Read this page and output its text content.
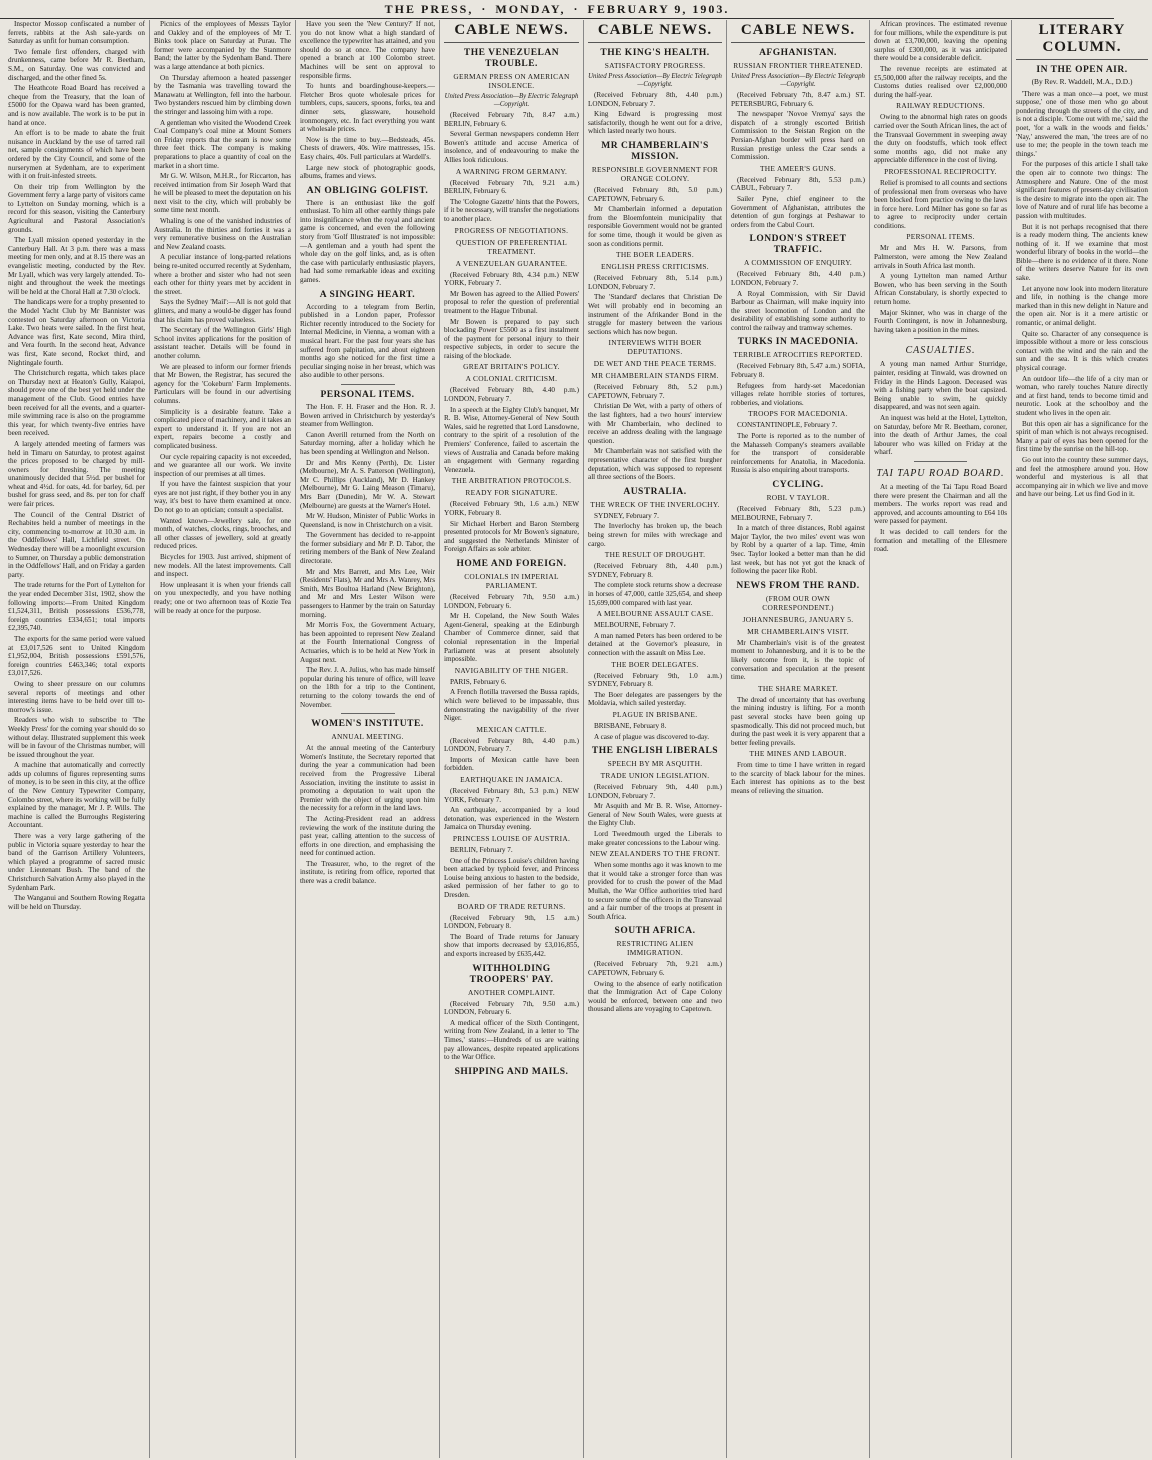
THE PRESS, · MONDAY, · FEBRUARY 9, 1903.

Inspector Mossop confiscated a number of ferrets, rabbits at the Ash sale-yards on Saturday as unfit for human consumption.

Two female first offenders, charged with drunkenness, came before Mr R. Beetham, S.M., on Saturday. One was convicted and discharged, and the other fined 5s.

The Heathcote Road Board has received a cheque from the Treasury, that the loan of £5000 for the Opawa ward has been granted, and is now available. The work is to be put in hand at once.

An effort is to be made to abate the fruit nuisance in Auckland by the use of tarred rail net, sample consignments of which have been ordered by the City Council, and some of the nurserymen at Sydenham, are to experiment with it on fruit-infested streets.

On their trip from Wellington by the Government ferry a large party of visitors came to Lyttelton on Sunday morning, which is a record for this season, visiting the Canterbury Agricultural and Pastoral Association's grounds.

The Lyall mission opened yesterday in the Canterbury Hall. At 3 p.m. there was a mass meeting for men only, and at 8.15 there was an evangelistic meeting, conducted by the Rev. Mr Lyall, which was very largely attended. To-night and throughout the week the meetings will be held at the Choral Hall at 7.30 o'clock.

The handicaps were for a trophy presented to the Model Yacht Club by Mr Bannister was contested on Saturday afternoon on Victoria Lake. Two heats were sailed. In the first heat, Advance was first, Kate second, Mira third, and Vera fourth. In the second heat, Advance was first, Kate second, Rocket third, and Nightingale fourth.

The Christchurch regatta, which takes place on Thursday next at Heaton's Gully, Kaiapoi, should prove one of the best yet held under the management of the Club. Good entries have been received for all the events, and a quarter-mile swimming race is also on the programme this year, for which twenty-five entries have been received.

A largely attended meeting of farmers was held in Timaru on Saturday, to protest against the prices proposed to be charged by mill-owners for threshing. The meeting unanimously decided that 5½d. per bushel for wheat and 4½d. for oats, 4d. for barley, 6d. per bushel for grass seed, and 8s. per ton for chaff were fair prices.

The Council of the Central District of Rechabites held a number of meetings in the city, commencing to-morrow at 10.30 a.m. in the Oddfellows' Hall, Lichfield street. On Wednesday there will be a moonlight excursion to Sumner, on Thursday a public demonstration in the Oddfellows' Hall, and on Friday a garden party.

The trade returns for the Port of Lyttelton for the year ended December 31st, 1902, show the following imports:—From United Kingdom £1,524,311, British possessions £536,778, foreign countries £334,651; total imports £2,395,740.

The exports for the same period were valued at £3,017,526 sent to United Kingdom £1,952,004, British possessions £591,576, foreign countries £463,346; total exports £3,017,526.

Owing to sheer pressure on our columns several reports of meetings and other interesting items have to be held over till to-morrow's issue.

Readers who wish to subscribe to 'The Weekly Press' for the coming year should do so without delay. Illustrated supplement this week will be in favour of the Christmas number, will be issued throughout the year.

A machine that automatically and correctly adds up columns of figures representing sums of money, is to be seen in this city, at the office of the New Century Typewriter Company, Colombo street, where its working will be fully explained by the manager, Mr J. P. Wills. The machine is called the Burroughs Registering Accountant.

There was a very large gathering of the public in Victoria square yesterday to hear the band of the Garrison Artillery Volunteers, which played a programme of sacred music under Lieutenant Bush. The band of the Christchurch Salvation Army also played in the Sydenham Park.

The Wanganui and Southern Rowing Regatta will be held on Thursday.

Picnics of the employees of Messrs Taylor and Oakley and of the employees of Mr T. Binks took place on Saturday at Purau. The former were accompanied by the Stanmore Band; the latter by the Sydenham Band. There was a large attendance at both picnics.

On Thursday afternoon a heated passenger by the Tasmania was travelling toward the Manawatu at Wellington, fell into the harbour. Two bystanders rescued him by climbing down the stringer and lassoing him with a rope.

A gentleman who visited the Woodend Creek Coal Company's coal mine at Mount Somers on Friday reports that the seam is now some three feet thick. The company is making preparations to place a quantity of coal on the market in a short time.

Mr G. W. Wilson, M.H.R., for Riccarton, has received intimation from Sir Joseph Ward that he will be pleased to meet the deputation on his next visit to the city, which will probably be some time next month.

Whaling is one of the vanished industries of Australia. In the thirties and forties it was a very remunerative business on the Australian and New Zealand coasts.

A peculiar instance of long-parted relations being re-united occurred recently at Sydenham, where a brother and sister who had not seen each other for thirty years met by accident in the street.

Says the Sydney 'Mail':—All is not gold that glitters, and many a would-be digger has found that his claim has proved valueless.

The Secretary of the Wellington Girls' High School invites applications for the position of assistant teacher. Details will be found in another column.

We are pleased to inform our former friends that Mr Bowen, the Registrar, has secured the agency for the 'Cokeburn' Farm Implements. Particulars will be found in our advertising columns.

Simplicity is a desirable feature. Take a complicated piece of machinery, and it takes an expert to understand it. If you are not an expert, repairs become a costly and complicated business.

Our cycle repairing capacity is not exceeded, and we guarantee all our work. We invite inspection of our premises at all times.

If you have the faintest suspicion that your eyes are not just right, if they bother you in any way, it's best to have them examined at once. Do not go to an optician; consult a specialist.

Wanted known—Jewellery sale, for one month, of watches, clocks, rings, brooches, and all other classes of jewellery, sold at greatly reduced prices.

Bicycles for 1903. Just arrived, shipment of new models. All the latest improvements. Call and inspect.

How unpleasant it is when your friends call on you unexpectedly, and you have nothing ready; one or two afternoon teas of Kozie Tea will be ready at once for the purpose.

Have you seen the 'New Century?' If not, you do not know what a high standard of excellence the typewriter has attained, and you should do so at once. The company have opened a branch at 100 Colombo street. Machines will be sent on approval to responsible firms.

To hunts and boardinghouse-keepers.—Fletcher Bros quote wholesale prices for tumblers, cups, saucers, spoons, forks, tea and dinner sets, glassware, household ironmongery, etc. In fact everything you want at wholesale prices.

Now is the time to buy.—Bedsteads, 45s. Chests of drawers, 40s. Wire mattresses, 15s. Easy chairs, 40s. Full particulars at Wardell's.

Large new stock of photographic goods, albums, frames and views.

AN OBLIGING GOLFIST.

There is an enthusiast like the golf enthusiast. To him all other earthly things pale into insignificance when the royal and ancient game is concerned, and even the following story from 'Golf Illustrated' is not impossible:—A gentleman and a youth had spent the whole day on the golf links, and, as is often the case with particularly enthusiastic players, had had some remarkable ideas and exciting games.

A SINGING HEART.

According to a telegram from Berlin, published in a London paper, Professor Richter recently introduced to the Society for Internal Medicine, in Vienna, a woman with a musical heart. For the past four years she has suffered from palpitation, and about eighteen months ago she noticed for the first time a peculiar singing noise in her breast, which was also audible to other persons.

PERSONAL ITEMS.

The Hon. F. H. Fraser and the Hon. R. J. Bowen arrived in Christchurch by yesterday's steamer from Wellington.

Canon Averill returned from the North on Saturday morning, after a holiday which he has been spending at Wellington and Nelson.

Dr and Mrs Kenny (Perth), Dr. Lister (Melbourne), Mr A. S. Patterson (Wellington), Mr C. Phillips (Auckland), Mr D. Hankey (Melbourne), Mr G. Laing Meason (Timaru), Mrs Barr (Dunedin), Mr W. A. Stewart (Melbourne) are guests at the Warner's Hotel.

Mr W. Hudson, Minister of Public Works in Queensland, is now in Christchurch on a visit.

The Government has decided to re-appoint the former subsidiary and Mr P. D. Tabor, the retiring members of the Bank of New Zealand directorate.

Mr and Mrs Barrett, and Mrs Lee, Weir (Residents' Flats), Mr and Mrs A. Wanrey, Mrs Smith, Mrs Boultoa Harland (New Brighton), and Mr and Mrs Lester Wilson were passengers to Hanmer by the train on Saturday morning.

Mr Morris Fox, the Government Actuary, has been appointed to represent New Zealand at the Fourth International Congress of Actuaries, which is to be held at New York in August next.

The Rev. J. A. Julius, who has made himself popular during his tenure of office, will leave on the 18th for a trip to the Continent, returning to the colony towards the end of November.

WOMEN'S INSTITUTE.
ANNUAL MEETING.

At the annual meeting of the Canterbury Women's Institute, the Secretary reported that during the year a communication had been received from the Progressive Liberal Association, inviting the institute to assist in promoting a deputation to wait upon the Premier with the object of urging upon him the necessity for a reform in the land laws.

The Acting-President read an address reviewing the work of the institute during the past year, calling attention to the success of efforts in one direction, and emphasising the need for continued action.

The Treasurer, who, to the regret of the institute, is retiring from office, reported that there was a credit balance.

CABLE NEWS.
THE VENEZUELAN TROUBLE.
GERMAN PRESS ON AMERICAN INSOLENCE.
United Press Association—By Electric Telegraph—Copyright.

(Received February 7th, 8.47 a.m.) BERLIN, February 6.

Several German newspapers condemn Herr Bowen's attitude and accuse America of insolence, and of endeavouring to make the Allies look ridiculous.

A WARNING FROM GERMANY.

(Received February 7th, 9.21 a.m.) BERLIN, February 6.

The 'Cologne Gazette' hints that the Powers, if it be necessary, will transfer the negotiations to another place.

PROGRESS OF NEGOTIATIONS.
QUESTION OF PREFERENTIAL TREATMENT.
A VENEZUELAN GUARANTEE.

(Received February 8th, 4.34 p.m.) NEW YORK, February 7.

Mr Bowen has agreed to the Allied Powers' proposal to refer the question of preferential treatment to the Hague Tribunal.

Mr Bowen is prepared to pay such blockading Power £5500 as a first instalment of the payment for personal injury to their respective subjects, in order to secure the raising of the blockade.

GREAT BRITAIN'S POLICY.
A COLONIAL CRITICISM.

(Received February 8th, 4.40 p.m.) LONDON, February 7.

In a speech at the Eighty Club's banquet, Mr R. B. Wise, Attorney-General of New South Wales, said he regretted that Lord Lansdowne, contrary to the spirit of a resolution of the Premiers' Conference, failed to ascertain the views of Australia and Canada before making an engagement with Germany regarding Venezuela.

THE ARBITRATION PROTOCOLS.
READY FOR SIGNATURE.

(Received February 9th, 1.6 a.m.) NEW YORK, February 8.

Sir Michael Herbert and Baron Sternberg presented protocols for Mr Bowen's signature, and suggested the Netherlands Minister of Foreign Affairs as sole arbiter.

HOME AND FOREIGN.
COLONIALS IN IMPERIAL PARLIAMENT.

(Received February 7th, 9.50 a.m.) LONDON, February 6.

Mr H. Copeland, the New South Wales Agent-General, speaking at the Edinburgh Chamber of Commerce dinner, said that colonial representation in the Imperial Parliament was at present absolutely impossible.

NAVIGABILITY OF THE NIGER.

PARIS, February 6.

A French flotilla traversed the Bussa rapids, which were believed to be impassable, thus demonstrating the navigability of the river Niger.

MEXICAN CATTLE.

(Received February 8th, 4.40 p.m.) LONDON, February 7.

Imports of Mexican cattle have been forbidden.

EARTHQUAKE IN JAMAICA.

(Received February 8th, 5.3 p.m.) NEW YORK, February 7.

An earthquake, accompanied by a loud detonation, was experienced in the Western Jamaica on Thursday evening.

PRINCESS LOUISE OF AUSTRIA.

BERLIN, February 7.

One of the Princess Louise's children having been attacked by typhoid fever, and Princess Louise being anxious to hasten to the bedside, asked permission of her father to go to Dresden.

BOARD OF TRADE RETURNS.

(Received February 9th, 1.5 a.m.) LONDON, February 8.

The Board of Trade returns for January show that imports decreased by £3,016,855, and exports increased by £635,442.

WITHHOLDING TROOPERS' PAY.
ANOTHER COMPLAINT.

(Received February 7th, 9.50 a.m.) LONDON, February 6.

A medical officer of the Sixth Contingent, writing from New Zealand, in a letter to 'The Times,' states:—Hundreds of us are waiting pay allowances, despite repeated applications to the War Office.

SHIPPING AND MAILS.
CABLE NEWS.
THE KING'S HEALTH.
SATISFACTORY PROGRESS.
United Press Association—By Electric Telegraph—Copyright.

(Received February 8th, 4.40 p.m.) LONDON, February 7.

King Edward is progressing most satisfactorily, though he went out for a drive, which lasted nearly two hours.

MR CHAMBERLAIN'S MISSION.
RESPONSIBLE GOVERNMENT FOR ORANGE COLONY.

(Received February 8th, 5.0 p.m.) CAPETOWN, February 6.

Mr Chamberlain informed a deputation from the Bloemfontein municipality that responsible Government would not be granted for some time, though it would be given as soon as conditions permit.

THE BOER LEADERS.
ENGLISH PRESS CRITICISMS.

(Received February 8th, 5.14 p.m.) LONDON, February 7.

The 'Standard' declares that Christian De Wet will probably end in becoming an instrument of the Afrikander Bond in the struggle for mastery between the various sections which has now begun.

INTERVIEWS WITH BOER DEPUTATIONS.
DE WET AND THE PEACE TERMS.
MR CHAMBERLAIN STANDS FIRM.

(Received February 8th, 5.2 p.m.) CAPETOWN, February 7.

Christian De Wet, with a party of others of the last fighters, had a two hours' interview with Mr Chamberlain, who declined to receive an address dealing with the language question.

Mr Chamberlain was not satisfied with the representative character of the first burgher deputation, which was supposed to represent all three sections of the Boers.

AUSTRALIA.
THE WRECK OF THE INVERLOCHY.

SYDNEY, February 7.

The Inverlochy has broken up, the beach being strewn for miles with wreckage and cargo.

THE RESULT OF DROUGHT.

(Received February 8th, 4.40 p.m.) SYDNEY, February 8.

The complete stock returns show a decrease in horses of 47,000, cattle 325,654, and sheep 15,699,000 compared with last year.

A MELBOURNE ASSAULT CASE.

MELBOURNE, February 7.

A man named Peters has been ordered to be detained at the Governor's pleasure, in connection with the assault on Miss Lee.

THE BOER DELEGATES.

(Received February 9th, 1.0 a.m.) SYDNEY, February 8.

The Boer delegates are passengers by the Moldavia, which sailed yesterday.

PLAGUE IN BRISBANE.

BRISBANE, February 8.

A case of plague was discovered to-day.

THE ENGLISH LIBERALS
SPEECH BY MR ASQUITH.
TRADE UNION LEGISLATION.

(Received February 9th, 4.40 p.m.) LONDON, February 7.

Mr Asquith and Mr B. R. Wise, Attorney-General of New South Wales, were guests at the Eighty Club.

Lord Tweedmouth urged the Liberals to make greater concessions to the Labour wing.

NEW ZEALANDERS TO THE FRONT.

When some months ago it was known to me that it would take a stronger force than was provided for to crush the power of the Mad Mullah, the War Office authorities tried hard to secure some of the officers in the Transvaal and a fair number of the troops at present in South Africa.

SOUTH AFRICA.
RESTRICTING ALIEN IMMIGRATION.

(Received February 7th, 9.21 a.m.) CAPETOWN, February 6.

Owing to the absence of early notification that the Immigration Act of Cape Colony would be enforced, between one and two thousand aliens are voyaging to Capetown.

CABLE NEWS.
AFGHANISTAN.
RUSSIAN FRONTIER THREATENED.
United Press Association—By Electric Telegraph—Copyright.

(Received February 7th, 8.47 a.m.) ST. PETERSBURG, February 6.

The newspaper 'Novoe Vremya' says the dispatch of a strongly escorted British Commission to the Seistan Region on the Persian-Afghan border will press hard on Russian prestige unless the Czar sends a Commission.

THE AMEER'S GUNS.

(Received February 8th, 5.53 p.m.) CABUL, February 7.

Sailer Pyne, chief engineer to the Government of Afghanistan, attributes the detention of gun forgings at Peshawar to orders from the Cabul Court.

LONDON'S STREET TRAFFIC.
A COMMISSION OF ENQUIRY.

(Received February 8th, 4.40 p.m.) LONDON, February 7.

A Royal Commission, with Sir David Barbour as Chairman, will make inquiry into the street locomotion of London and the desirability of establishing some authority to control the railway and tramway schemes.

TURKS IN MACEDONIA.
TERRIBLE ATROCITIES REPORTED.

(Received February 8th, 5.47 a.m.) SOFIA, February 8.

Refugees from hardy-set Macedonian villages relate horrible stories of tortures, robberies, and violations.

TROOPS FOR MACEDONIA.

CONSTANTINOPLE, February 7.

The Porte is reported as to the number of the Mahasseh Company's steamers available for the transport of considerable reinforcements for Anatolia, in Macedonia. Russia is also enquiring about transports.

CYCLING.
ROBL V TAYLOR.

(Received February 8th, 5.23 p.m.) MELBOURNE, February 7.

In a match of three distances, Robl against Major Taylor, the two miles' event was won by Robl by a quarter of a lap. Time, 4min 9sec. Taylor looked a better man than he did last week, but has not yet got the knack of following the pacer like Robl.

NEWS FROM THE RAND.
(FROM OUR OWN CORRESPONDENT.)
JOHANNESBURG, JANUARY 5.
MR CHAMBERLAIN'S VISIT.

Mr Chamberlain's visit is of the greatest moment to Johannesburg, and it is to be the likely outcome from it, is the topic of conversation and speculation at the present time.

THE SHARE MARKET.

The dread of uncertainty that has overhung the mining industry is lifting. For a month past several stocks have been going up spasmodically. This did not proceed much, but during the past week it is very apparent that a better feeling prevails.

THE MINES AND LABOUR.

From time to time I have written in regard to the scarcity of black labour for the mines. Each interest has opinions as to the best means of relieving the situation.

African provinces. The estimated revenue for four millions, while the expenditure is put down at £3,700,000, leaving the opening surplus of £300,000, as it was anticipated there would be a considerable deficit.

The revenue receipts are estimated at £5,500,000 after the railway receipts, and the Customs duties realised over £2,000,000 during the half-year.

RAILWAY REDUCTIONS.

Owing to the abnormal high rates on goods carried over the South African lines, the act of the Transvaal Government in sweeping away the duty on foodstuffs, which took effect some months ago, did not make any appreciable difference in the cost of living.

PROFESSIONAL RECIPROCITY.

Relief is promised to all counts and sections of professional men from overseas who have been blocked from practice owing to the laws in force here. Lord Milner has gone so far as to agree to reciprocity under certain conditions.

PERSONAL ITEMS.

Mr and Mrs H. W. Parsons, from Palmerston, were among the New Zealand arrivals in South Africa last month.

A young Lyttelton man named Arthur Bowen, who has been serving in the South African Constabulary, is shortly expected to return home.

Major Skinner, who was in charge of the Fourth Contingent, is now in Johannesburg, having taken a position in the mines.

CASUALTIES.

A young man named Arthur Sturridge, painter, residing at Tinwald, was drowned on Friday in the Hinds Lagoon. Deceased was with a fishing party when the boat capsized. Being unable to swim, he quickly disappeared, and was not seen again.

An inquest was held at the Hotel, Lyttelton, on Saturday, before Mr R. Beetham, coroner, into the death of Arthur James, the coal labourer who was killed on Friday at the wharf.

TAI TAPU ROAD BOARD.

At a meeting of the Tai Tapu Road Board there were present the Chairman and all the members. The works report was read and approved, and accounts amounting to £64 10s were passed for payment.

It was decided to call tenders for the formation and metalling of the Ellesmere road.

LITERARY COLUMN.
IN THE OPEN AIR.
(By Rev. R. Waddell, M.A., D.D.)

'There was a man once—a poet, we must suppose,' one of those men who go about pondering through the streets of the city, and is not a disciple. 'Come out with me,' said the poet, 'for a walk in the woods and fields.' 'Nay,' answered the man, 'the trees are of no use to me; the people in the town teach me things.'

For the purposes of this article I shall take the open air to connote two things: The Atmosphere and Nature. One of the most significant features of present-day civilisation is the desire to migrate into the open air. The love of Nature and of rural life has become a passion with multitudes.

But it is not perhaps recognised that there is a ready modern thing. The ancients knew nothing of it. If we examine that most wonderful library of books in the world—the Bible—there is no evidence of it there. None of the writers deserve Nature for its own sake.

Let anyone now look into modern literature and life, in nothing is the change more marked than in this new delight in Nature and the open air. Nor is it a mere artistic or romantic, or animal delight.

Quite so. Character of any consequence is impossible without a more or less conscious contact with the wind and the rain and the sun and the sea. It is this which creates physical courage.

An outdoor life—the life of a city man or woman, who rarely touches Nature directly and at first hand, tends to become timid and neurotic. Look at the schoolboy and the student who lives in the open air.

But this open air has a significance for the spirit of man which is not always recognised. Many a pair of eyes has been opened for the first time by the sunrise on the hill-top.

Go out into the country these summer days, and feel the atmosphere around you. How wonderful and mysterious is all that accompanying air in which we live and move and have our being. Let us find God in it.
